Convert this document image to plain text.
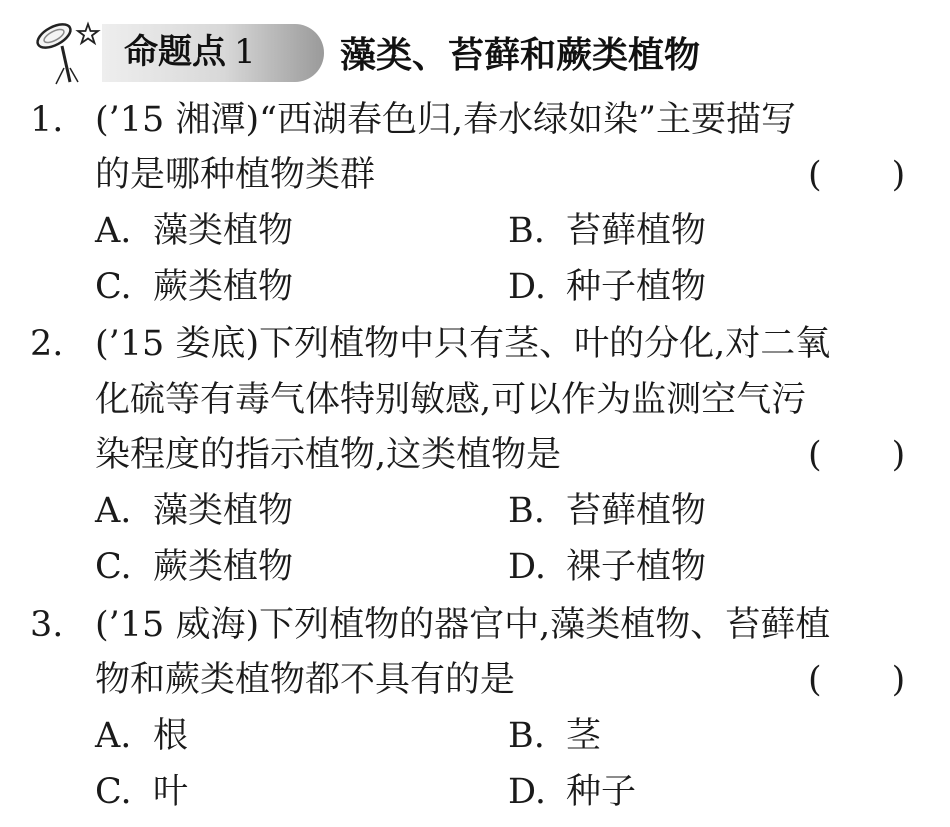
命题点 1 藻类、苔藓和蕨类植物
1. (’15 湘潭)“西湖春色归,春水绿如染”主要描写
的是哪种植物类群	(　　)
A. 藻类植物	B. 苔藓植物
C. 蕨类植物	D. 种子植物
2. (’15 娄底)下列植物中只有茎、叶的分化,对二氧
化硫等有毒气体特别敏感,可以作为监测空气污
染程度的指示植物,这类植物是	(　　)
A. 藻类植物	B. 苔藓植物
C. 蕨类植物	D. 裸子植物
3. (’15 威海)下列植物的器官中,藻类植物、苔藓植
物和蕨类植物都不具有的是	(　　)
A. 根	B. 茎
C. 叶	D. 种子
